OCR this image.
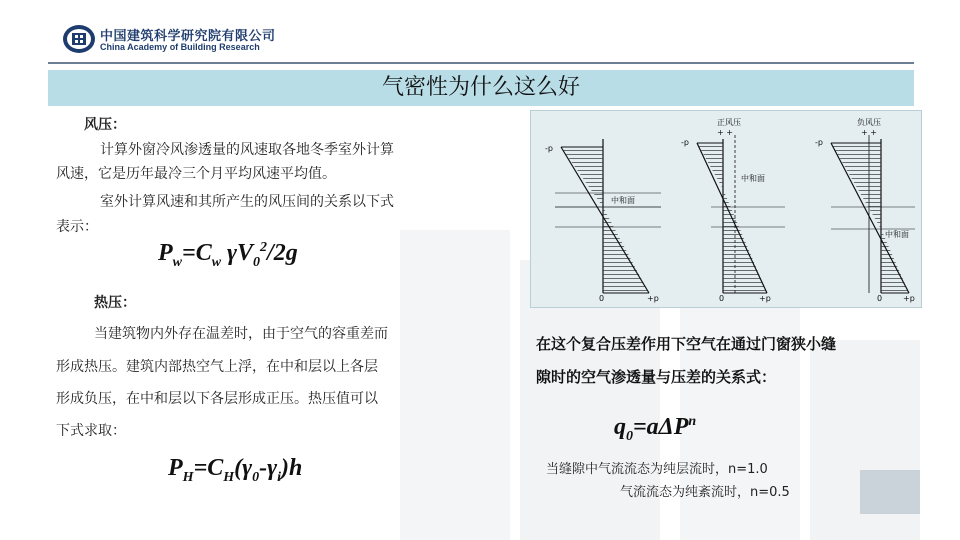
中国建筑科学研究院有限公司
China Academy of Building Research
气密性为什么这么好
风压：
计算外窗冷风渗透量的风速取各地冬季室外计算
风速，它是历年最冷三个月平均风速平均值。
室外计算风速和其所产生的风压间的关系以下式
表示：
$P_w=C_w$ $\gamma V_0^2/2g$
热压：
当建筑物内外存在温差时，由于空气的容重差而
形成热压。建筑内部热空气上浮，在中和层以上各层
形成负压，在中和层以下各层形成正压。热压值可以
下式求取：
$P_H=C_H(\gamma_0-\gamma_i)h$
-p
中和面
0	+p
-p
正风压
+ +
中和面
0	+p
-p
负风压
+ +
中和面
0	+p
在这个复合压差作用下空气在通过门窗狭小缝
隙时的空气渗透量与压差的关系式：
$q_0=a\Delta P^n$
当缝隙中气流流态为纯层流时，n=1.0
气流流态为纯紊流时，n=0.5
